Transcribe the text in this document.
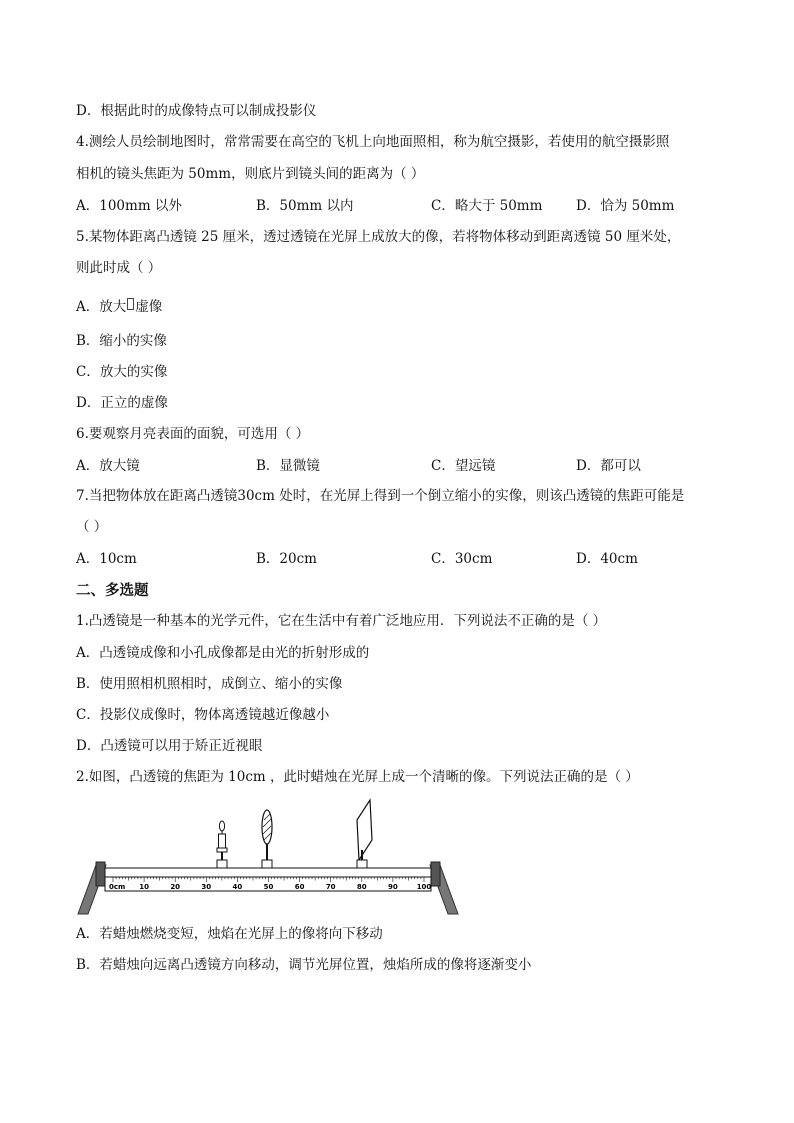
D．根据此时的成像特点可以制成投影仪
4.测绘人员绘制地图时，常常需要在高空的飞机上向地面照相，称为航空摄影，若使用的航空摄影照
相机的镜头焦距为 50mm，则底片到镜头间的距离为（ ）
A．100mm 以外	B．50mm 以内	C．略大于 50mm D．恰为 50mm
5.某物体距离凸透镜 25 厘米，透过透镜在光屏上成放大的像，若将物体移动到距离透镜 50 厘米处，
则此时成（ ）
A．放大 虚像
B．缩小的实像
C．放大的实像
D．正立的虚像
6.要观察月亮表面的面貌，可选用（ ）
A．放大镜	B．显微镜	C．望远镜	D．都可以
7.当把物体放在距离凸透镜30cm 处时，在光屏上得到一个倒立缩小的实像，则该凸透镜的焦距可能是
（ ）
A．10cm	B．20cm	C．30cm	D．40cm
二、多选题
1.凸透镜是一种基本的光学元件，它在生活中有着广泛地应用．下列说法不正确的是（ ）
A．凸透镜成像和小孔成像都是由光的折射形成的
B．使用照相机照相时，成倒立、缩小的实像
C．投影仪成像时，物体离透镜越近像越小
D．凸透镜可以用于矫正近视眼
2.如图，凸透镜的焦距为 10cm ，此时蜡烛在光屏上成一个清晰的像。下列说法正确的是（ ）
0cm 10	20	30	40	50	60	70	80	90	100
A．若蜡烛燃烧变短，烛焰在光屏上的像将向下移动
B．若蜡烛向远离凸透镜方向移动，调节光屏位置，烛焰所成的像将逐渐变小
